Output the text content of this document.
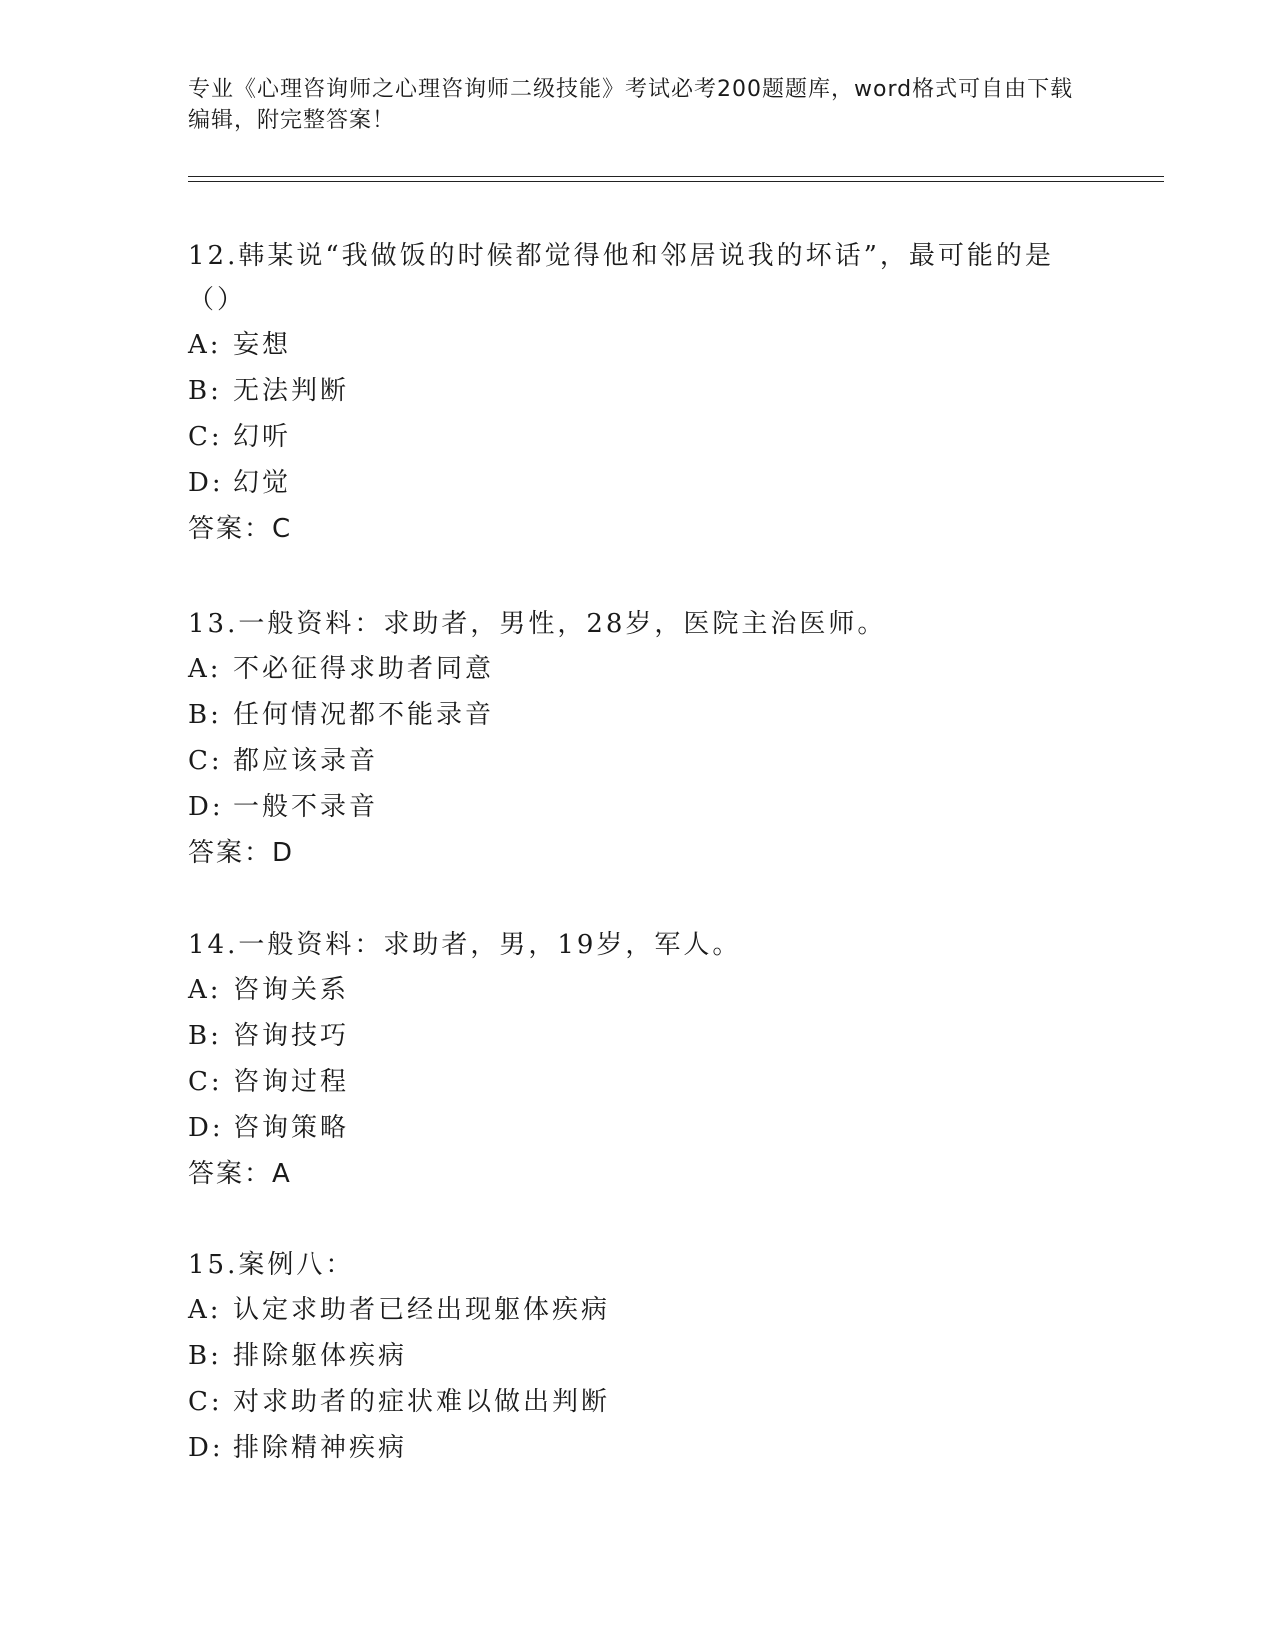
专业《心理咨询师之心理咨询师二级技能》考试必考200题题库，word格式可自由下载编辑，附完整答案！
12.韩某说“我做饭的时候都觉得他和邻居说我的坏话”，最可能的是（）
A: 妄想
B: 无法判断
C: 幻听
D: 幻觉
答案：C
13.一般资料：求助者，男性，28岁，医院主治医师。
A: 不必征得求助者同意
B: 任何情况都不能录音
C: 都应该录音
D: 一般不录音
答案：D
14.一般资料：求助者，男，19岁，军人。
A: 咨询关系
B: 咨询技巧
C: 咨询过程
D: 咨询策略
答案：A
15.案例八：
A: 认定求助者已经出现躯体疾病
B: 排除躯体疾病
C: 对求助者的症状难以做出判断
D: 排除精神疾病
